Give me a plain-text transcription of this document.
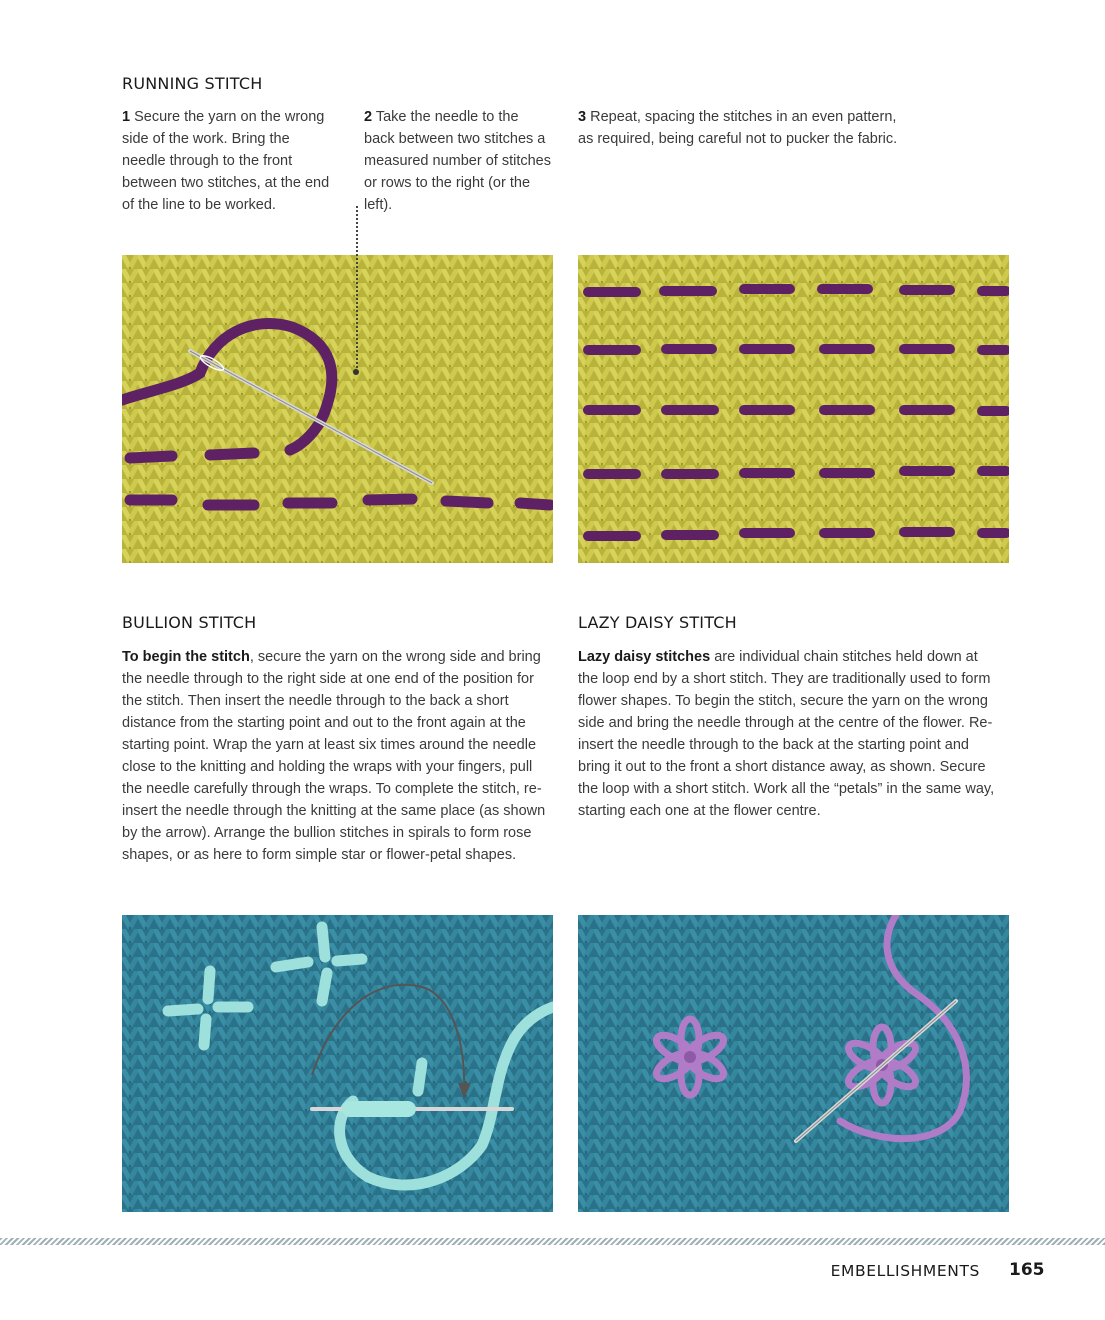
RUNNING STITCH

1 Secure the yarn on the wrong side of the work. Bring the needle through to the front between two stitches, at the end of the line to be worked.

2 Take the needle to the back between two stitches a measured number of stitches or rows to the right (or the left).

3 Repeat, spacing the stitches in an even pattern, as required, being careful not to pucker the fabric.

BULLION STITCH

To begin the stitch, secure the yarn on the wrong side and bring the needle through to the right side at one end of the position for the stitch. Then insert the needle through to the back a short distance from the starting point and out to the front again at the starting point. Wrap the yarn at least six times around the needle close to the knitting and holding the wraps with your fingers, pull the needle carefully through the wraps. To complete the stitch, re-insert the needle through the knitting at the same place (as shown by the arrow). Arrange the bullion stitches in spirals to form rose shapes, or as here to form simple star or flower-petal shapes.

LAZY DAISY STITCH

Lazy daisy stitches are individual chain stitches held down at the loop end by a short stitch. They are traditionally used to form flower shapes. To begin the stitch, secure the yarn on the wrong side and bring the needle through at the centre of the flower. Re-insert the needle through to the back at the starting point and bring it out to the front a short distance away, as shown. Secure the loop with a short stitch. Work all the “petals” in the same way, starting each one at the flower centre.

EMBELLISHMENTS 165
